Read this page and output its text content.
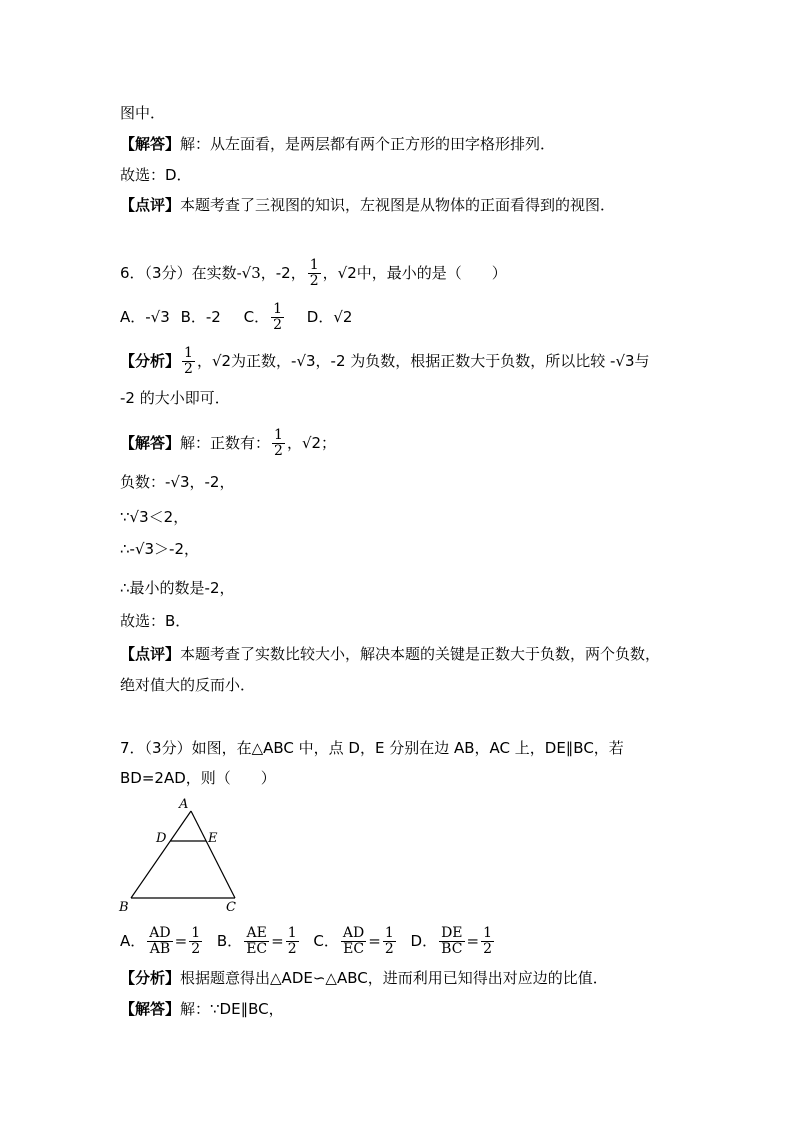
图中．
【解答】解：从左面看，是两层都有两个正方形的田字格形排列．
故选：D．
【点评】本题考查了三视图的知识，左视图是从物体的正面看得到的视图．
6．（3分）在实数-√3，-2， $\frac{1}{2}$ ，√2中，最小的是（　　）
A．-√3 B．-2 C． $\frac{1}{2}$ D．√2
【分析】 $\frac{1}{2}$ ，√2为正数，-√3，-2 为负数，根据正数大于负数，所以比较 -√3与
-2 的大小即可．
【解答】解：正数有： $\frac{1}{2}$ ，√2；
负数：-√3，-2，
∵√3＜2，
∴-√3＞-2，
∴最小的数是-2，
故选：B．
【点评】本题考查了实数比较大小，解决本题的关键是正数大于负数，两个负数，
绝对值大的反而小．
7．（3分）如图，在△ABC 中，点 D，E 分别在边 AB，AC 上，DE∥BC，若
BD=2AD，则（　　）
A
D	E
B	C
A． $\frac{AD}{AB} = \frac{1}{2}$ B． $\frac{AE}{EC} = \frac{1}{2}$ C． $\frac{AD}{EC} = \frac{1}{2}$ D． $\frac{DE}{BC} = \frac{1}{2}$
【分析】根据题意得出△ADE∽△ABC，进而利用已知得出对应边的比值．
【解答】解：∵DE∥BC，
